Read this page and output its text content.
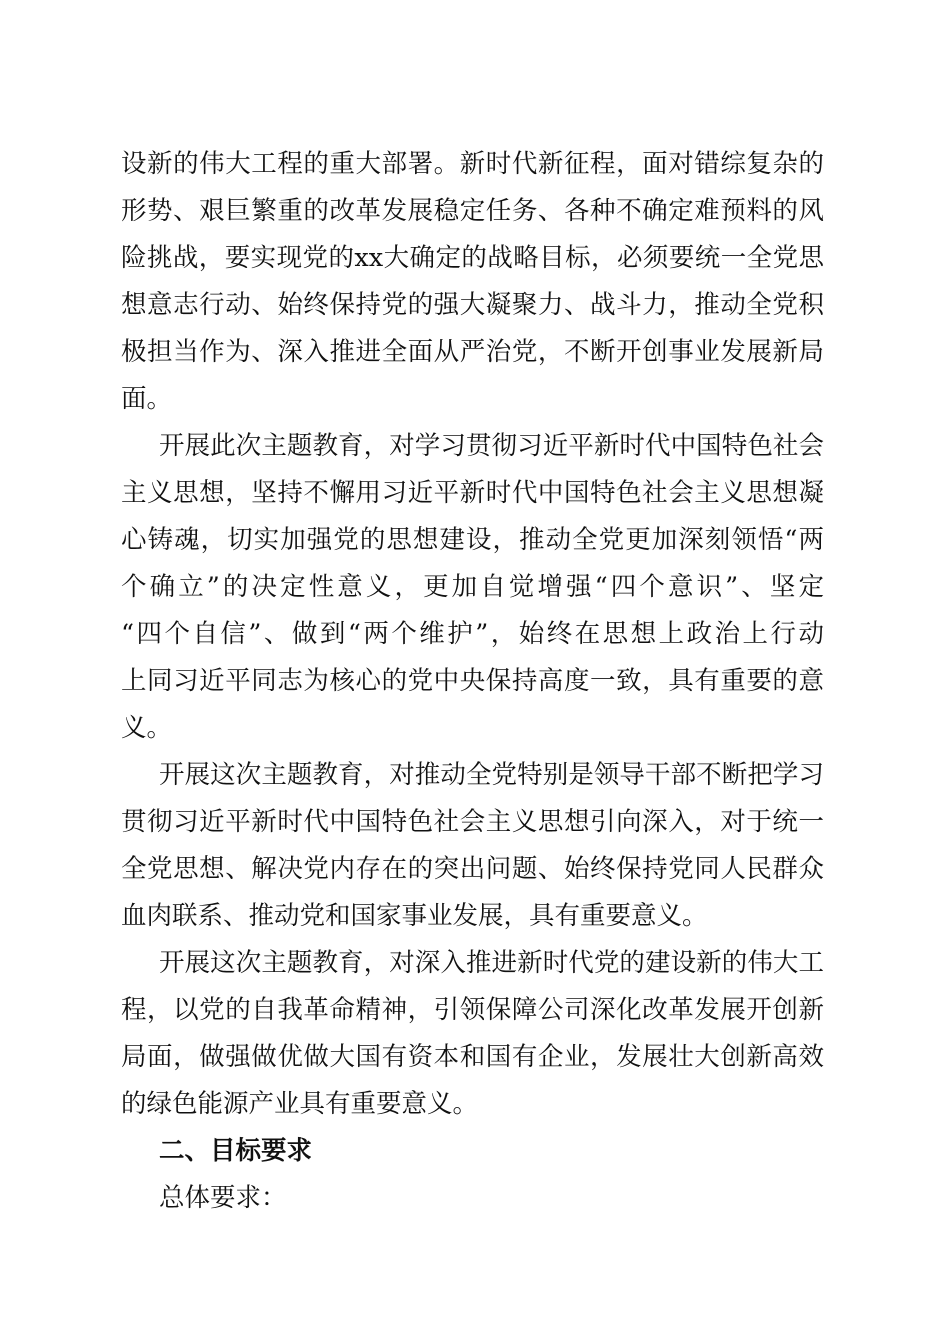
设新的伟大工程的重大部署。新时代新征程，面对错综复杂的
形势、艰巨繁重的改革发展稳定任务、各种不确定难预料的风
险挑战，要实现党的xx大确定的战略目标，必须要统一全党思
想意志行动、始终保持党的强大凝聚力、战斗力，推动全党积
极担当作为、深入推进全面从严治党，不断开创事业发展新局
面。
开展此次主题教育，对学习贯彻习近平新时代中国特色社会
主义思想，坚持不懈用习近平新时代中国特色社会主义思想凝
心铸魂，切实加强党的思想建设，推动全党更加深刻领悟“两
个确立”的决定性意义，更加自觉增强“四个意识”、坚定
“四个自信”、做到“两个维护”，始终在思想上政治上行动
上同习近平同志为核心的党中央保持高度一致，具有重要的意
义。
开展这次主题教育，对推动全党特别是领导干部不断把学习
贯彻习近平新时代中国特色社会主义思想引向深入，对于统一
全党思想、解决党内存在的突出问题、始终保持党同人民群众
血肉联系、推动党和国家事业发展，具有重要意义。
开展这次主题教育，对深入推进新时代党的建设新的伟大工
程，以党的自我革命精神，引领保障公司深化改革发展开创新
局面，做强做优做大国有资本和国有企业，发展壮大创新高效
的绿色能源产业具有重要意义。
二、目标要求
总体要求：
